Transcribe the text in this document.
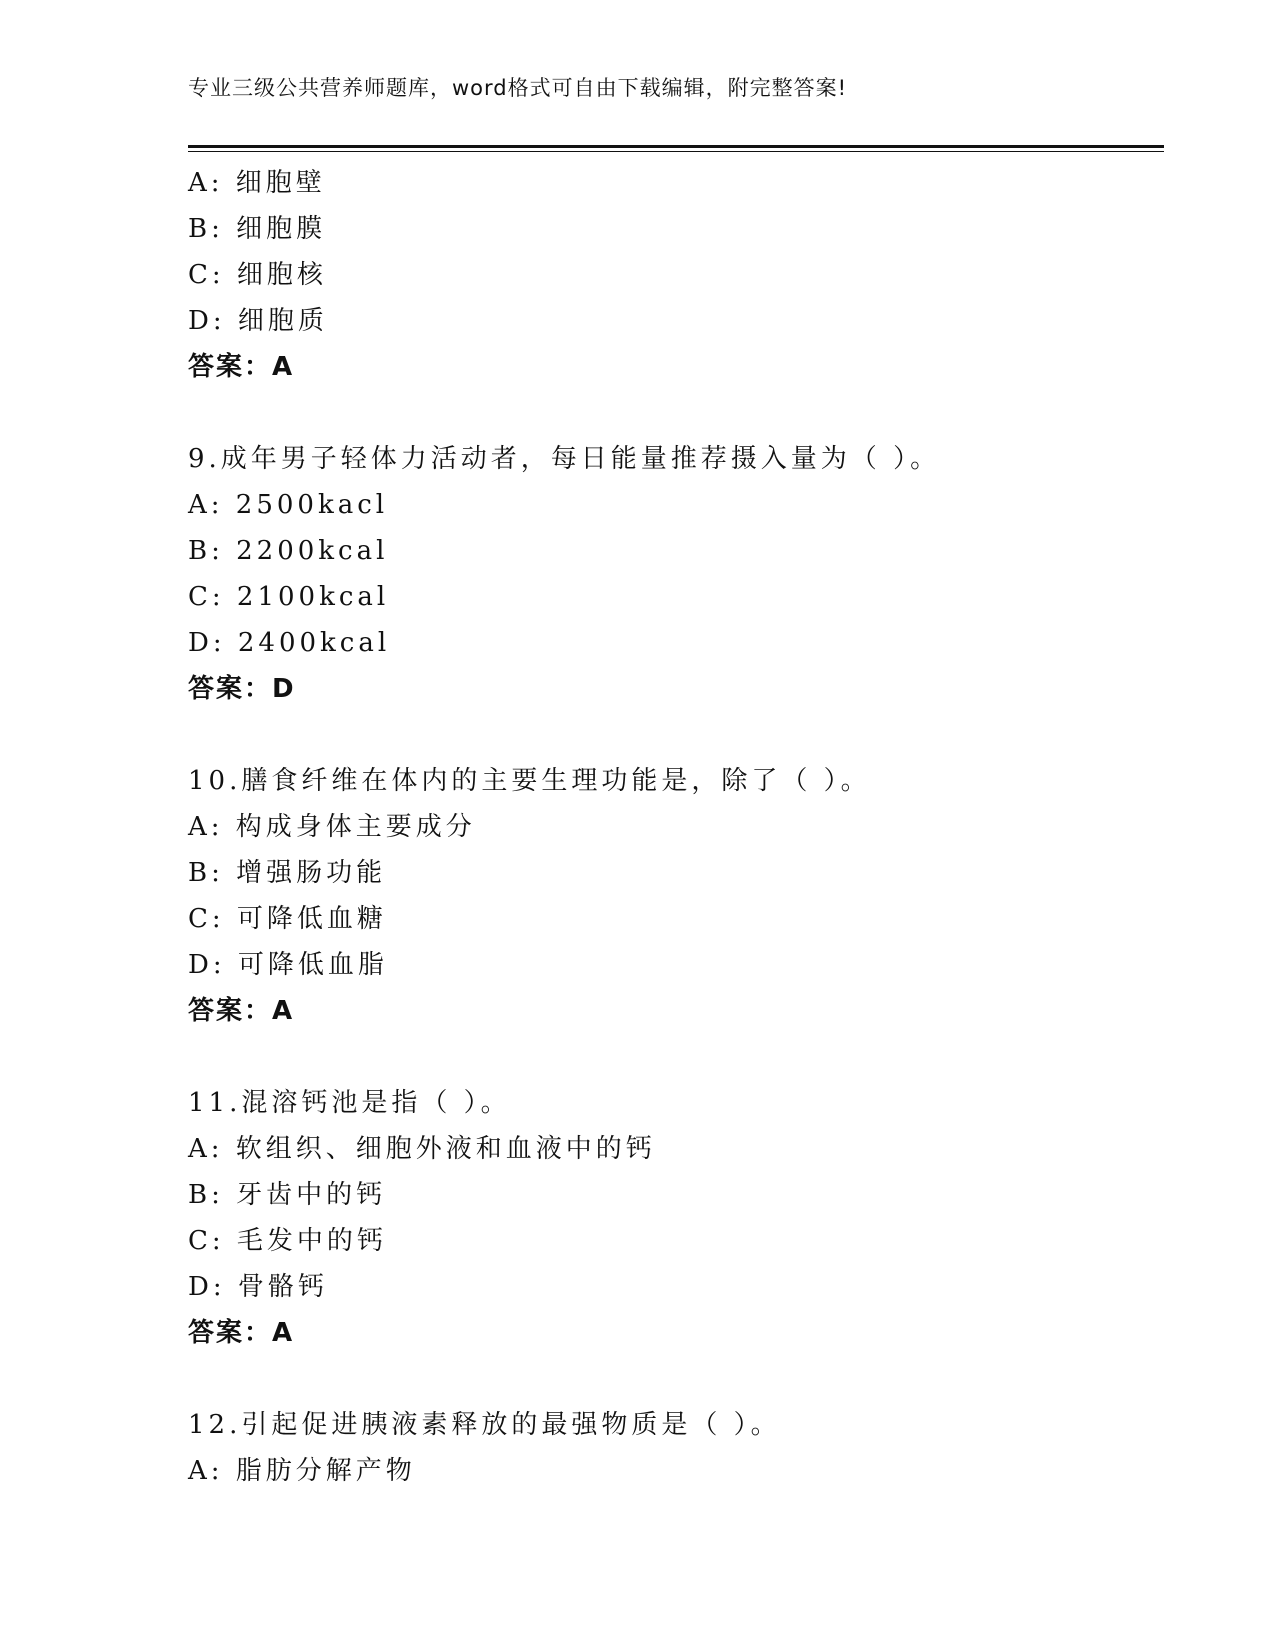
专业三级公共营养师题库，word格式可自由下载编辑，附完整答案!
A: 细胞壁
B: 细胞膜
C: 细胞核
D: 细胞质
答案：A
9.成年男子轻体力活动者，每日能量推荐摄入量为（ ）。
A: 2500kacl
B: 2200kcal
C: 2100kcal
D: 2400kcal
答案：D
10.膳食纤维在体内的主要生理功能是，除了（ ）。
A: 构成身体主要成分
B: 增强肠功能
C: 可降低血糖
D: 可降低血脂
答案：A
11.混溶钙池是指（ ）。
A: 软组织、细胞外液和血液中的钙
B: 牙齿中的钙
C: 毛发中的钙
D: 骨骼钙
答案：A
12.引起促进胰液素释放的最强物质是（ ）。
A: 脂肪分解产物
